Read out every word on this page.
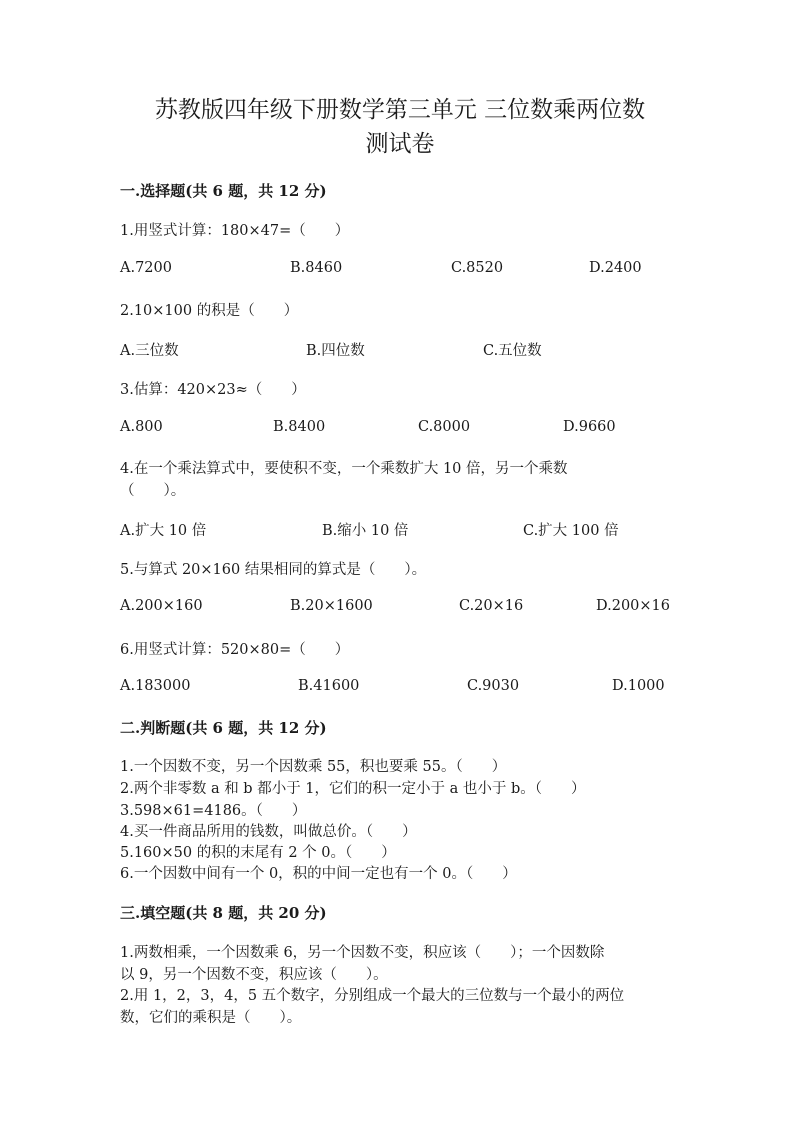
苏教版四年级下册数学第三单元 三位数乘两位数
测试卷
一.选择题(共 6 题，共 12 分)
1.用竖式计算：180×47=（　　）
A.7200	B.8460	C.8520	D.2400
2.10×100 的积是（　　）
A.三位数	B.四位数	C.五位数
3.估算：420×23≈（　　）
A.800	B.8400	C.8000	D.9660
4.在一个乘法算式中，要使积不变，一个乘数扩大 10 倍，另一个乘数
（　　）。
A.扩大 10 倍	B.缩小 10 倍	C.扩大 100 倍
5.与算式 20×160 结果相同的算式是（　　）。
A.200×160	B.20×1600	C.20×16	D.200×16
6.用竖式计算：520×80=（　　）
A.183000	B.41600	C.9030	D.1000
二.判断题(共 6 题，共 12 分)
1.一个因数不变，另一个因数乘 55，积也要乘 55。（　　）
2.两个非零数 a 和 b 都小于 1，它们的积一定小于 a 也小于 b。（　　）
3.598×61=4186。（　　）
4.买一件商品所用的钱数，叫做总价。（　　）
5.160×50 的积的末尾有 2 个 0。（　　）
6.一个因数中间有一个 0，积的中间一定也有一个 0。（　　）
三.填空题(共 8 题，共 20 分)
1.两数相乘，一个因数乘 6，另一个因数不变，积应该（　　）；一个因数除
以 9，另一个因数不变，积应该（　　）。
2.用 1，2，3，4，5 五个数字，分别组成一个最大的三位数与一个最小的两位
数，它们的乘积是（　　）。
